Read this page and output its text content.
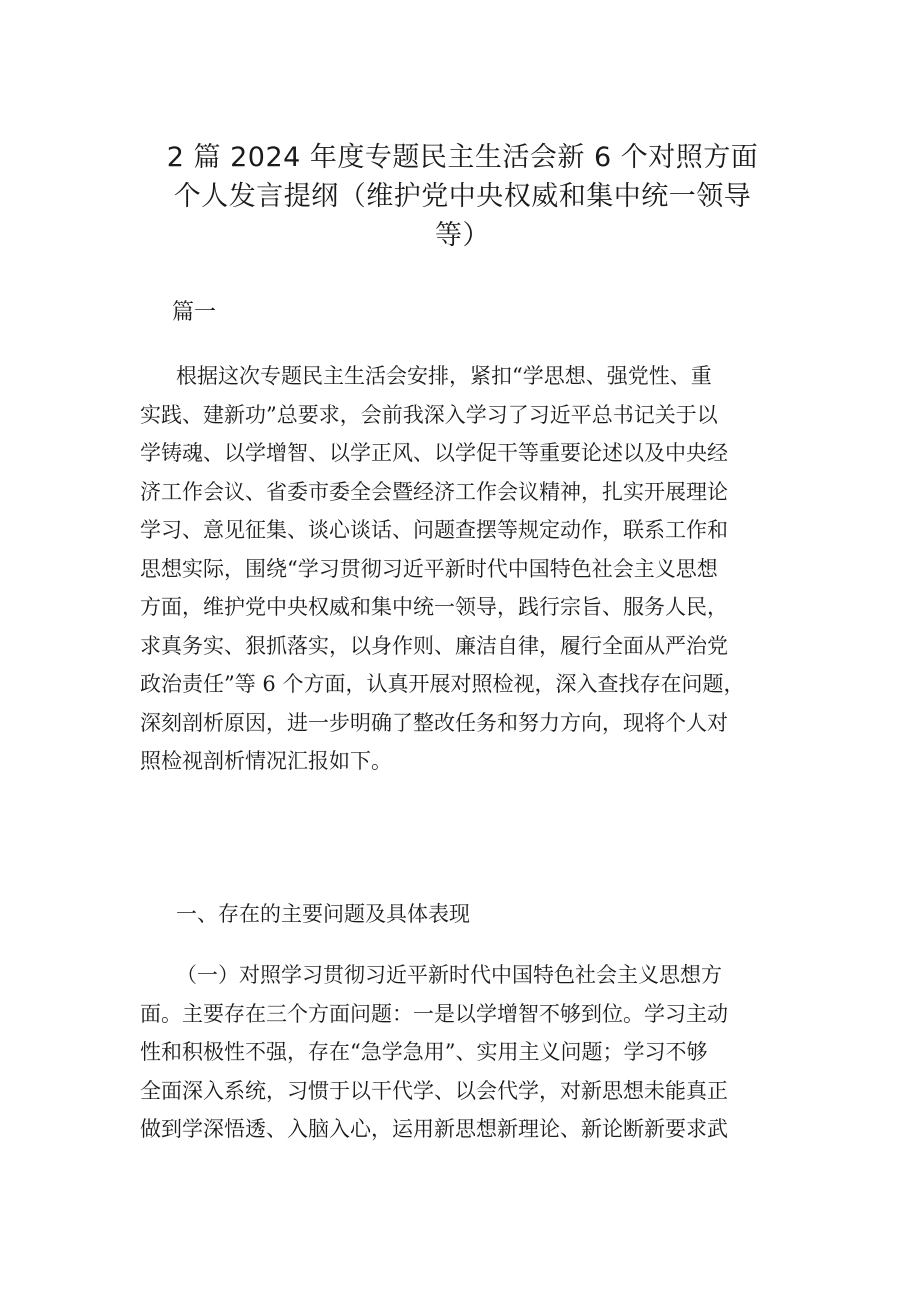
2 篇 2024 年度专题民主生活会新 6 个对照方面
个人发言提纲（维护党中央权威和集中统一领导
等）
篇一
根据这次专题民主生活会安排，紧扣“学思想、强党性、重
实践、建新功”总要求，会前我深入学习了习近平总书记关于以
学铸魂、以学增智、以学正风、以学促干等重要论述以及中央经
济工作会议、省委市委全会暨经济工作会议精神，扎实开展理论
学习、意见征集、谈心谈话、问题查摆等规定动作，联系工作和
思想实际，围绕“学习贯彻习近平新时代中国特色社会主义思想
方面，维护党中央权威和集中统一领导，践行宗旨、服务人民，
求真务实、狠抓落实，以身作则、廉洁自律，履行全面从严治党
政治责任”等 6 个方面，认真开展对照检视，深入查找存在问题，
深刻剖析原因，进一步明确了整改任务和努力方向，现将个人对
照检视剖析情况汇报如下。
一、存在的主要问题及具体表现
（一）对照学习贯彻习近平新时代中国特色社会主义思想方
面。主要存在三个方面问题：一是以学增智不够到位。学习主动
性和积极性不强，存在“急学急用”、实用主义问题；学习不够
全面深入系统，习惯于以干代学、以会代学，对新思想未能真正
做到学深悟透、入脑入心，运用新思想新理论、新论断新要求武
